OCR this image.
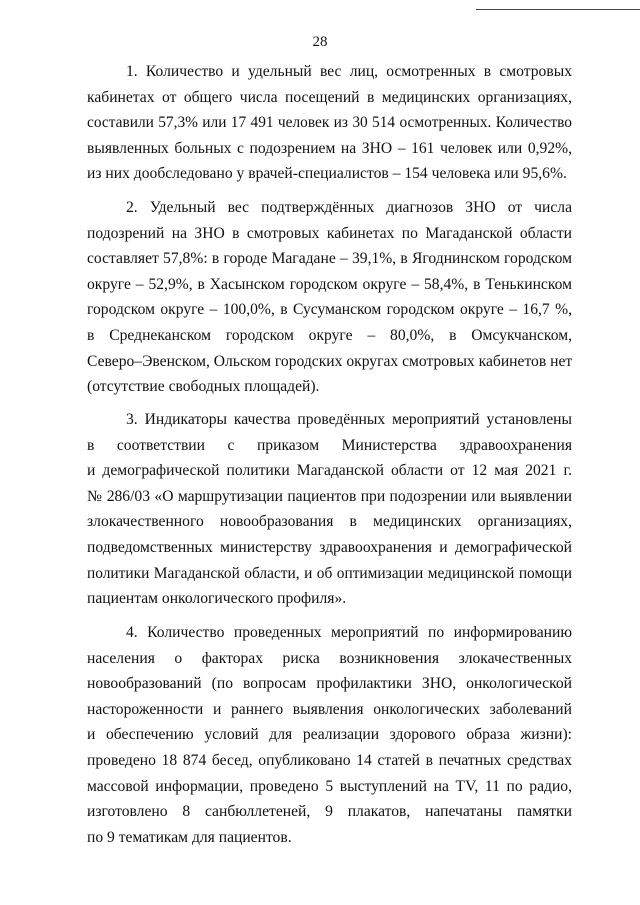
28
1. Количество и удельный вес лиц, осмотренных в смотровых
кабинетах от общего числа посещений в медицинских организациях,
составили 57,3% или 17 491 человек из 30 514 осмотренных. Количество
выявленных больных с подозрением на ЗНО – 161 человек или 0,92%,
из них дообследовано у врачей-специалистов – 154 человека или 95,6%.
2. Удельный вес подтверждённых диагнозов ЗНО от числа
подозрений на ЗНО в смотровых кабинетах по Магаданской области
составляет 57,8%: в городе Магадане – 39,1%, в Ягоднинском городском
округе – 52,9%, в Хасынском городском округе – 58,4%, в Тенькинском
городском округе – 100,0%, в Сусуманском городском округе – 16,7 %,
в Среднеканском городском округе – 80,0%, в Омсукчанском,
Северо–Эвенском, Ольском городских округах смотровых кабинетов нет
(отсутствие свободных площадей).
3. Индикаторы качества проведённых мероприятий установлены
в соответствии с приказом Министерства здравоохранения
и демографической политики Магаданской области от 12 мая 2021 г.
№ 286/03 «О маршрутизации пациентов при подозрении или выявлении
злокачественного новообразования в медицинских организациях,
подведомственных министерству здравоохранения и демографической
политики Магаданской области, и об оптимизации медицинской помощи
пациентам онкологического профиля».
4. Количество проведенных мероприятий по информированию
населения о факторах риска возникновения злокачественных
новообразований (по вопросам профилактики ЗНО, онкологической
настороженности и раннего выявления онкологических заболеваний
и обеспечению условий для реализации здорового образа жизни):
проведено 18 874 бесед, опубликовано 14 статей в печатных средствах
массовой информации, проведено 5 выступлений на TV, 11 по радио,
изготовлено 8 санбюллетеней, 9 плакатов, напечатаны памятки
по 9 тематикам для пациентов.
